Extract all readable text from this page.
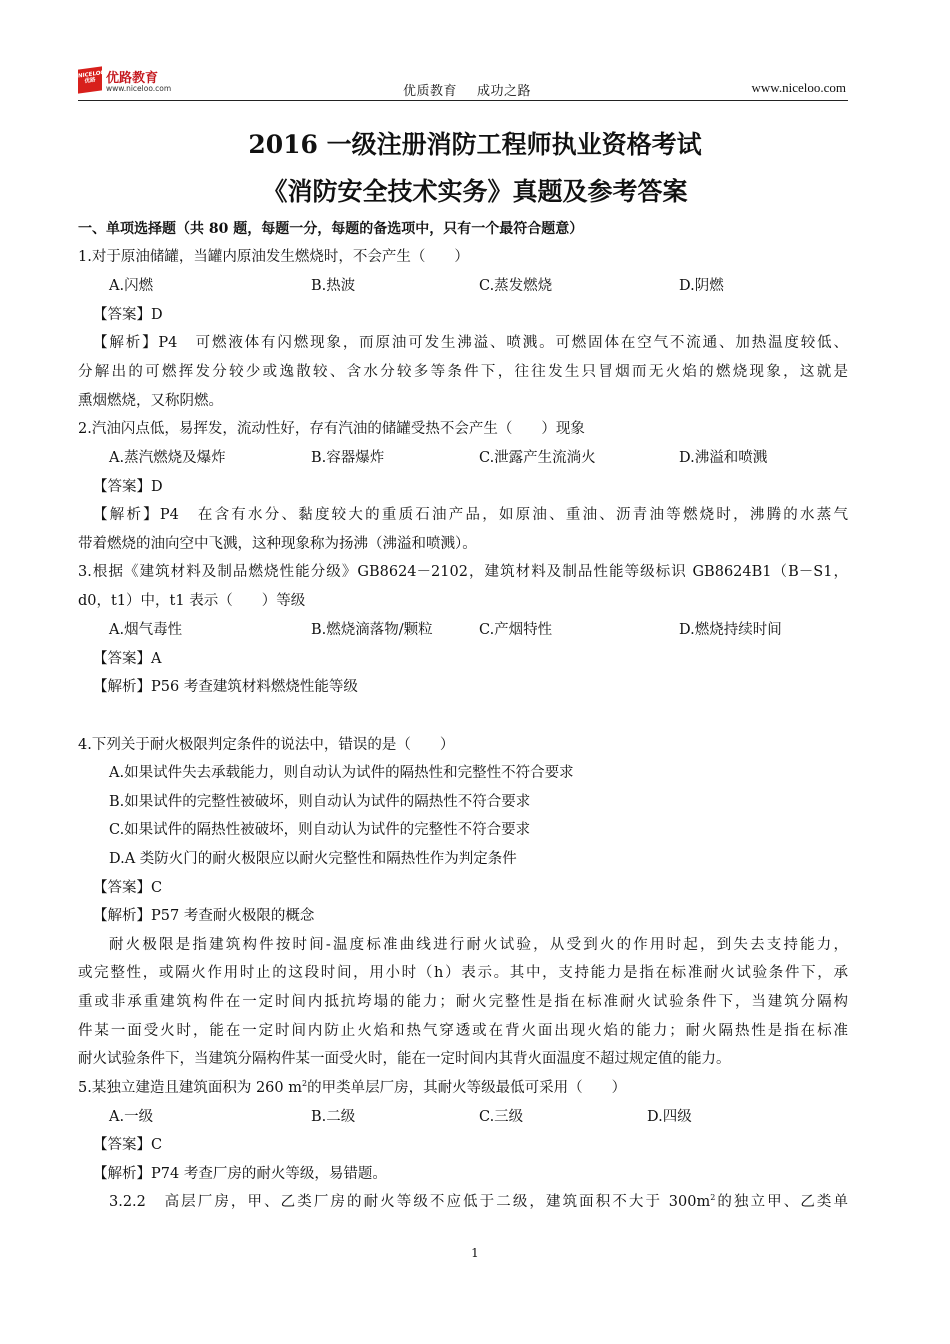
NICELOO 优路 优路教育
www.niceloo.com	优质教育 成功之路	www.niceloo.com
2016 一级注册消防工程师执业资格考试
《消防安全技术实务》真题及参考答案
一、单项选择题（共 80 题，每题一分，每题的备选项中，只有一个最符合题意）
1.对于原油储罐，当罐内原油发生燃烧时，不会产生（　　）
A.闪燃	B.热波	C.蒸发燃烧	D.阴燃
【答案】D
【解析】P4　可燃液体有闪燃现象，而原油可发生沸溢、喷溅。可燃固体在空气不流通、加热温度较低、
分解出的可燃挥发分较少或逸散较、含水分较多等条件下，往往发生只冒烟而无火焰的燃烧现象，这就是
熏烟燃烧，又称阴燃。
2.汽油闪点低，易挥发，流动性好，存有汽油的储罐受热不会产生（　　）现象
A.蒸汽燃烧及爆炸	B.容器爆炸	C.泄露产生流淌火	D.沸溢和喷溅
【答案】D
【解析】P4　在含有水分、黏度较大的重质石油产品，如原油、重油、沥青油等燃烧时，沸腾的水蒸气
带着燃烧的油向空中飞溅，这种现象称为扬沸（沸溢和喷溅）。
3.根据《建筑材料及制品燃烧性能分级》GB8624－2102，建筑材料及制品性能等级标识 GB8624B1（B－S1，
d0，t1）中，t1 表示（　　）等级
A.烟气毒性	B.燃烧滴落物/颗粒	C.产烟特性	D.燃烧持续时间
【答案】A
【解析】P56 考查建筑材料燃烧性能等级
4.下列关于耐火极限判定条件的说法中，错误的是（　　）
A.如果试件失去承载能力，则自动认为试件的隔热性和完整性不符合要求
B.如果试件的完整性被破坏，则自动认为试件的隔热性不符合要求
C.如果试件的隔热性被破坏，则自动认为试件的完整性不符合要求
D.A 类防火门的耐火极限应以耐火完整性和隔热性作为判定条件
【答案】C
【解析】P57 考查耐火极限的概念
耐火极限是指建筑构件按时间-温度标准曲线进行耐火试验，从受到火的作用时起，到失去支持能力，
或完整性，或隔火作用时止的这段时间，用小时（h）表示。其中，支持能力是指在标准耐火试验条件下，承
重或非承重建筑构件在一定时间内抵抗垮塌的能力；耐火完整性是指在标准耐火试验条件下，当建筑分隔构
件某一面受火时，能在一定时间内防止火焰和热气穿透或在背火面出现火焰的能力；耐火隔热性是指在标准
耐火试验条件下，当建筑分隔构件某一面受火时，能在一定时间内其背火面温度不超过规定值的能力。
5.某独立建造且建筑面积为 260 $m^2$的甲类单层厂房，其耐火等级最低可采用（　　）
A.一级	B.二级	C.三级	D.四级
【答案】C
【解析】P74 考查厂房的耐火等级，易错题。
3.2.2　高层厂房，甲、乙类厂房的耐火等级不应低于二级，建筑面积不大于 $300m^2$的独立甲、乙类单
1
